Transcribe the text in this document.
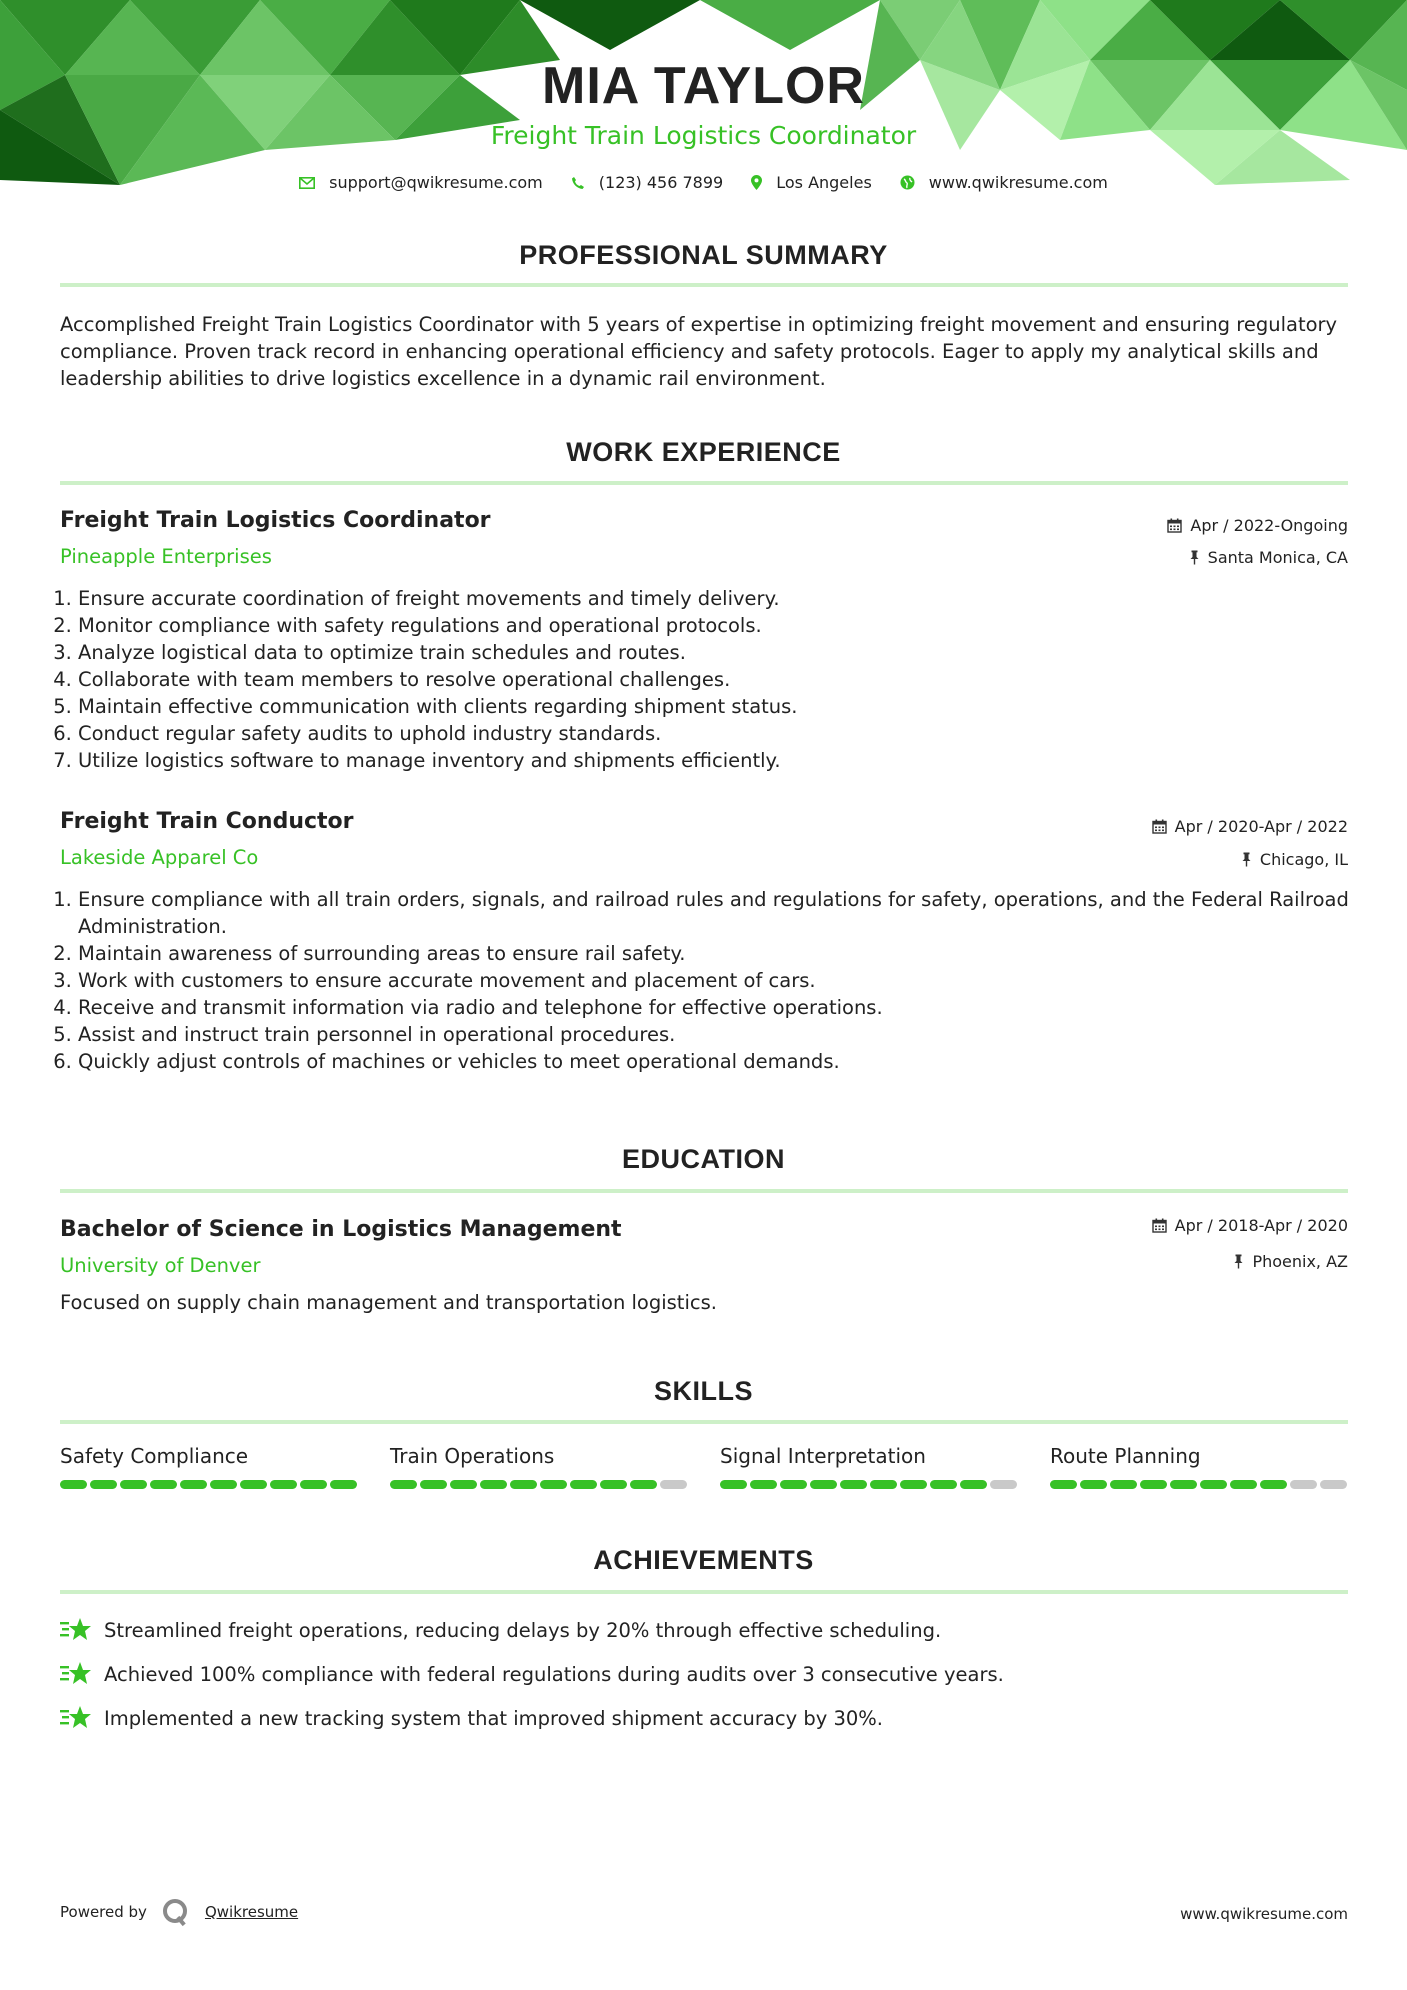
MIA TAYLOR

Freight Train Logistics Coordinator

support@qwikresume.com	(123) 456 7899	Los Angeles	www.qwikresume.com
PROFESSIONAL SUMMARY

Accomplished Freight Train Logistics Coordinator with 5 years of expertise in optimizing freight movement and ensuring regulatory compliance. Proven track record in enhancing operational efficiency and safety protocols. Eager to apply my analytical skills and leadership abilities to drive logistics excellence in a dynamic rail environment.

WORK EXPERIENCE

Freight Train Logistics Coordinator

Pineapple Enterprises

Apr / 2022-Ongoing
Santa Monica, CA
1. Ensure accurate coordination of freight movements and timely delivery.
2. Monitor compliance with safety regulations and operational protocols.
3. Analyze logistical data to optimize train schedules and routes.
4. Collaborate with team members to resolve operational challenges.
5. Maintain effective communication with clients regarding shipment status.
6. Conduct regular safety audits to uphold industry standards.
7. Utilize logistics software to manage inventory and shipments efficiently.

Freight Train Conductor

Lakeside Apparel Co

Apr / 2020-Apr / 2022
Chicago, IL
1. Ensure compliance with all train orders, signals, and railroad rules and regulations for safety, operations, and the Federal Railroad Administration.
2. Maintain awareness of surrounding areas to ensure rail safety.
3. Work with customers to ensure accurate movement and placement of cars.
4. Receive and transmit information via radio and telephone for effective operations.
5. Assist and instruct train personnel in operational procedures.
6. Quickly adjust controls of machines or vehicles to meet operational demands.
EDUCATION

Bachelor of Science in Logistics Management

University of Denver

Apr / 2018-Apr / 2020
Phoenix, AZ

Focused on supply chain management and transportation logistics.

SKILLS

Safety Compliance	Train Operations	Signal Interpretation	Route Planning

ACHIEVEMENTS
Streamlined freight operations, reducing delays by 20% through effective scheduling.
Achieved 100% compliance with federal regulations during audits over 3 consecutive years.
Implemented a new tracking system that improved shipment accuracy by 30%.
Powered by	Qwikresume	www.qwikresume.com
